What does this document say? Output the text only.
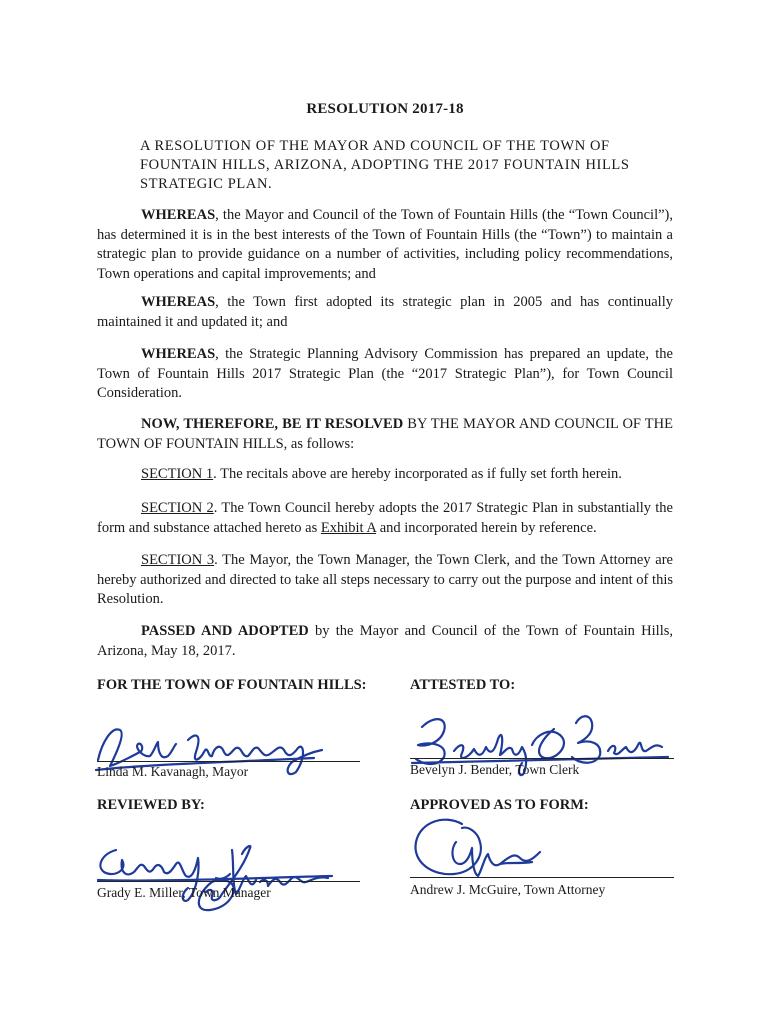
RESOLUTION 2017-18
A RESOLUTION OF THE MAYOR AND COUNCIL OF THE TOWN OF FOUNTAIN HILLS, ARIZONA, ADOPTING THE 2017 FOUNTAIN HILLS STRATEGIC PLAN.
WHEREAS, the Mayor and Council of the Town of Fountain Hills (the “Town Council”), has determined it is in the best interests of the Town of Fountain Hills (the “Town”) to maintain a strategic plan to provide guidance on a number of activities, including policy recommendations, Town operations and capital improvements; and
WHEREAS, the Town first adopted its strategic plan in 2005 and has continually maintained it and updated it; and
WHEREAS, the Strategic Planning Advisory Commission has prepared an update, the Town of Fountain Hills 2017 Strategic Plan (the “2017 Strategic Plan”), for Town Council Consideration.
NOW, THEREFORE, BE IT RESOLVED BY THE MAYOR AND COUNCIL OF THE TOWN OF FOUNTAIN HILLS, as follows:
SECTION 1. The recitals above are hereby incorporated as if fully set forth herein.
SECTION 2. The Town Council hereby adopts the 2017 Strategic Plan in substantially the form and substance attached hereto as Exhibit A and incorporated herein by reference.
SECTION 3. The Mayor, the Town Manager, the Town Clerk, and the Town Attorney are hereby authorized and directed to take all steps necessary to carry out the purpose and intent of this Resolution.
PASSED AND ADOPTED by the Mayor and Council of the Town of Fountain Hills, Arizona, May 18, 2017.
FOR THE TOWN OF FOUNTAIN HILLS:	ATTESTED TO:
REVIEWED BY:	APPROVED AS TO FORM:
Linda M. Kavanagh, Mayor	Bevelyn J. Bender, Town Clerk
Grady E. Miller, Town Manager	Andrew J. McGuire, Town Attorney
